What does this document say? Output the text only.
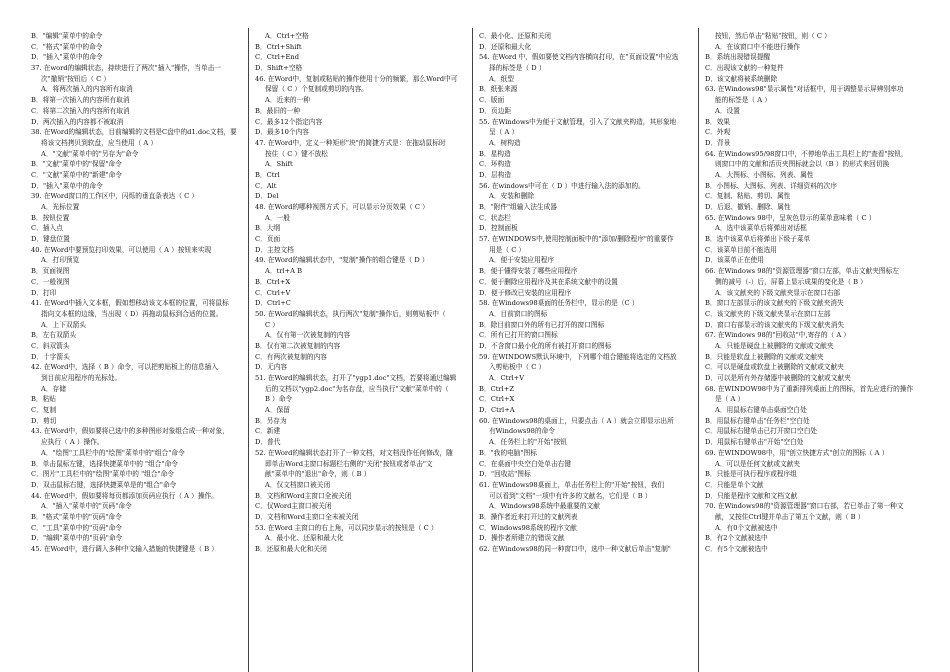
B．"编辑"菜单中的命令
C．"格式"菜单中的命令
D．"插入"菜单中的命令
37. 在word的编辑状态，持续进行了两次"插入"操作，当单击一
次"撤销"按钮后（ C ）
A．将两次插入的内容所有取消
B．将第一次插入的内容所有取消
C．将第二次插入的内容所有取消
D．两次插入的内容都不被取消
38. 在Word的编辑状态，目前编辑的文档是C盘中的d1.doc文档，要
将该文档拷贝到软盘，应当使用（ A ）
A．"文献"菜单中的"另存为"命令
B．"文献"菜单中的"保留"命令
C．"文献"菜单中的"新建"命令
D．"插入"菜单中的命令
39. 在Word窗口的工作区中，闪烁的垂直条表达（ C ）
A．光标位置
B．按钮位置
C．插入点
D．键盘位置
40. 在Word中要预览打印效果，可以使用（ A ）按钮来实现
A．打印预览
B．页面视图
C．一般视图
D．打印
41. 在Word中插入文本框，假如想移动该文本框的位置，可将鼠标
指向文本框的边缘，当出现（ D）再拖动鼠标到合适的位置。
A．上下双箭头
B．左右双箭头
C．斜双箭头
D．十字箭头
42. 在Word中，选择（ B ）命令，可以把剪贴板上的信息插入
到目前应用程序的光标处。
A．存储
B．粘贴
C．复制
D．剪切
43. 在Word中，假如要将已选中的多种图形对象组合成一种对象，
应执行（ A ）操作。
A．"绘图"工具栏中的"绘图"菜单中的"组合"命令
B．单击鼠标左键，选择快捷菜单中的 "组合"命令
C．图片"工具栏中的"绘图"菜单中的 "组合"命令
D．双击鼠标右键，选择快捷菜单是的"组合"命令
44. 在Word中，假如要将每页都添加页码应执行（ A ）操作。
A．"插入"菜单中的"页码"命令
B．"格式"菜单中的"页码"命令
C．"工具"菜单中的"页码"命令
D．"编辑"菜单中的"页码"命令
45. 在Word中，进行调入多种中文输入措施的快捷键是（ B ）
A．Ctrl+空格
B．Ctrl+Shift
C．Ctrl+End
D．Shift+空格
46. 在Word中，复制或粘贴的操作使用十分的频繁，那么Word中可
保留（ C ）个复制或剪切的内容。
A．近来的一种
B．最旧的一种
C．最多12个指定内容
D．最多10个内容
47. 在Word中，定义一种矩形"块"的简捷方式是：在拖动鼠标时
按住（ C ）键不放松
A．Shift
B．Ctrl
C．Alt
D．Del
48. 在Word的哪种视图方式下，可以显示分页效果（ C ）
A．一般
B．大纲
C．页面
D．主控文档
49. 在Word的编辑状态中，"复制"操作的组合键是（ D ）
A．trl+A B
B．Ctrl+X
C．Ctrl+V
D．Ctrl+C
50. 在Word的编辑状态，执行两次"复制"操作后，则剪贴板中（
C ）
A．仅有第一次被复制的内容
B．仅有第二次被复制的内容
C．有两次被复制的内容
D．无内容
51. 在Word的编辑状态，打开了"ygp1.doc"文档，若要将通过编辑
后的文档以"ygp2.doc"为名存盘，应当执行"文献"菜单中的（
B ）命令
A．保留
B．另存为
C．新建
D．普代
52. 在Word的编辑状态打开了一种文档，对文档没作任何修改，随
即单击Word主窗口标题栏右侧的"关闭"按钮或者单击"文
献"菜单中的"退出"命令，则（ B ）
A．仅文档窗口被关闭
B．文档和Word主窗口全被关闭
C．仅Word主窗口被关闭
D．文档和Word主窗口全未被关闭
53. 在Word 主窗口的右上角，可以同步显示的按钮是（ C ）
A．最小化、还原和最大化
B．还原和最大化和关闭
C．最小化、还原和关闭
D．还原和最大化
54. 在Word 中，假如要使文档内容横向打印，在"页面设置"中应选
择的标签是（ D ）
A．纸型
B．纸张来源
C．版面
D．页边距
55. 在Windows中为便于文献管理，引入了文献夹构造，其形象地
呈（ A ）
A．树构造
B．星构造
C．环构造
D．层构造
56. 在windows中可在（ D ）中进行输入法的添加的。
A．安装和删除
B．"附件"组输入法生成器
C．状态栏
D．控制面板
57. 在WINDOWS中,使用控制面板中的"添加/删除程序"的重要作
用是（ C ）
A．便于安装应用程序
B．便于懂得安装了哪些应用程序
C．便于删除应用程序及其在系统文献中的设置
D．便于修改已安装的应用程序
58. 在Windows98桌面的任务栏中，显示的是（C ）
A．目前窗口的图标
B．除目前窗口外的所有已打开的窗口图标
C．所有已打开的窗口图标
D．不含窗口最小化的所有被打开窗口的图标
59. 在WINDOWS默认环境中，下列哪个组合键能将选定的文档放
入剪贴板中（ C ）
A．Ctrl+V
B．Ctrl+Z
C．Ctrl+X
D．Ctrl+A
60. 在Windows98的桌面上，只要点击（ A ）就会立即显示出所
有Windows98的命令
A．任务栏上的"开始"按钮
B．"我的电脑"图标
C．在桌面中央空白处单击右键
D．"回收站"图标
61. 在Windows98桌面上，单击任务栏上的"开始"按钮，我们
可以看到"文档"一项中有许多的文献名，它们是（ B ）
A．Windows98系统中最重要的文献
B．操作者近来打开过的文献列表
C．Windows98系统的程序文献
D．操作者所建立的错误文献
62. 在Windows98的同一种窗口中，选中一种文献后单击"复制"
按钮，然后单击"粘贴"按钮，则（ C ）
A．在该窗口中不能进行操作
B．系统出现错误提醒
C．出现该文献的一种复件
D．该文献将被系统删除
63. 在Windows98"显示属性"对话框中，用于调整显示屏辨别率功
能的标签是（ A ）
A．设置
B．效果
C．外观
D．背景
64. 在Windows95/98窗口中，不停地单击工具栏上的"查看"按钮，
则窗口中的文献和活页夹图标就会以（B ）的形式来回切换
A．大图标、小图标、列表、属性
B．小图标、大图标、列表、详细资料的次序
C．复制、粘贴、剪切、属性
D．后退、撤销、删除、属性
65. 在Windows 98中，呈灰色显示的菜单意味着（ C ）
A．选中该菜单后将弹出对话框
B．选中该菜单后将弹出下级子菜单
C．该菜单目前不能选用
D．该菜单正在使用
66. 在Windows 98的"资源管理器"窗口左部，单击文献夹图标左
侧的减号（-）后，屏幕上显示成果的变化是（ B ）
A．该文献夹的下级文献夹显示在窗口右部
B．窗口左部显示的该文献夹的下级文献夹消失
C．该文献夹的下级文献夹显示在窗口左部
D．窗口右部显示的该文献夹的下级文献夹消失
67. 在Windows 98的"回收站"中,寄存的（ A ）
A．只能是硬盘上被删除的文献或文献夹
B．只能是软盘上被删除的文献或文献夹
C．可以是硬盘或软盘上被删除的文献或文献夹
D．可以是所有外存储器中被删除的文献或文献夹
68. 在WINDOW98中为了重新排列桌面上的图标，首先应进行的操作
是（ A ）
A．用鼠标右键单击桌面空白处
B．用鼠标右键单击"任务栏"空白处
C．用鼠标右键单击已打开窗口空白处
D．用鼠标右键单击"开始"空白处
69. 在WINDOW98中，用"创立快捷方式"创立的图标（ A ）
A．可以是任何文献或文献夹
B．只能是可执行程序或程序组
C．只能是单个文献
D．只能是程序文献和文档文献
70. 在Windows98的"资源管理器"窗口右部，若已单击了第一种文
献，又按住Ctrl键并单击了第五个文献，则（ B ）
A．有0个文献被选中
B．有2个文献被选中
C．有5个文献被选中
